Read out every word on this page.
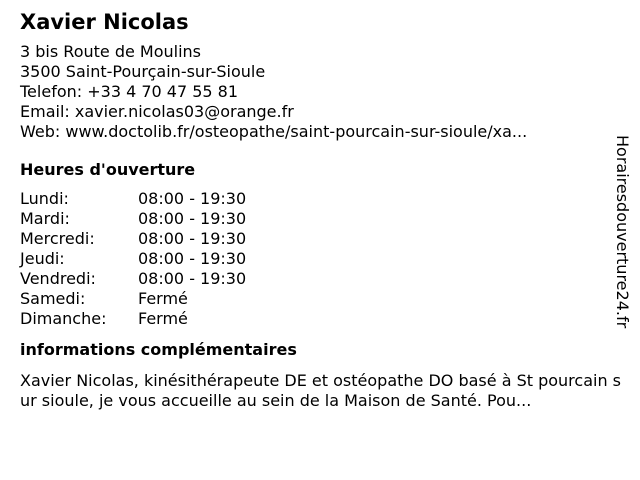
Xavier Nicolas
3 bis Route de Moulins
3500 Saint-Pourçain-sur-Sioule
Telefon: +33 4 70 47 55 81
Email: xavier.nicolas03@orange.fr
Web: www.doctolib.fr/osteopathe/saint-pourcain-sur-sioule/xa...
Heures d'ouverture
Lundi:	08:00 - 19:30
Mardi:	08:00 - 19:30
Mercredi:	08:00 - 19:30
Jeudi:	08:00 - 19:30
Vendredi:	08:00 - 19:30
Samedi:	Fermé
Dimanche:	Fermé
informations complémentaires
Xavier Nicolas, kinésithérapeute DE et ostéopathe DO basé à St pourcain sur sioule, je vous accueille au sein de la Maison de Santé. Pou...
Horairesdouverture24.fr
